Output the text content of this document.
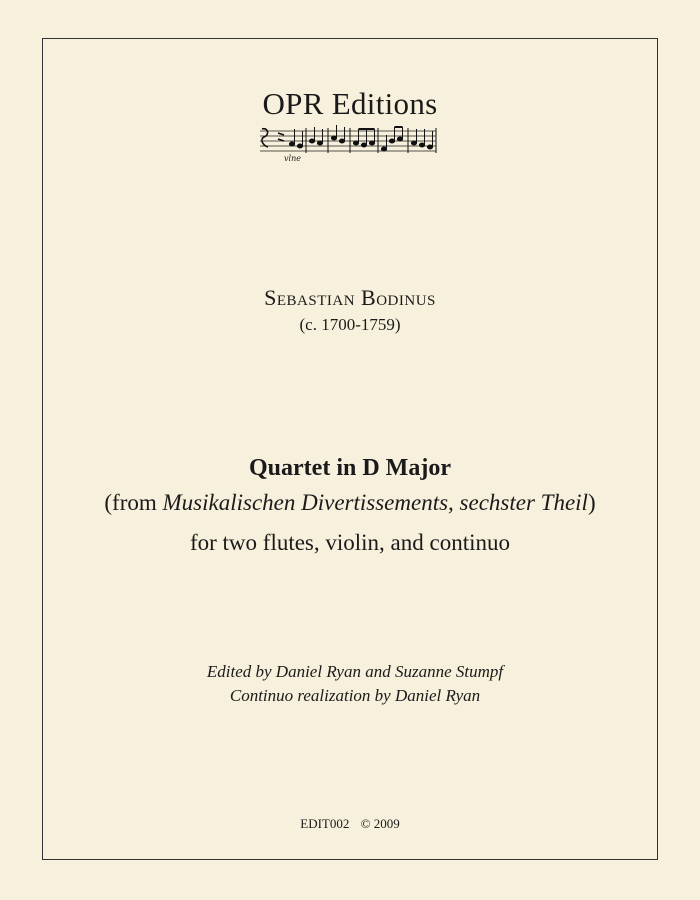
OPR Editions
vlne
Sebastian Bodinus
(c. 1700-1759)
Quartet in D Major
(from Musikalischen Divertissements, sechster Theil)
for two flutes, violin, and continuo
Edited by Daniel Ryan and Suzanne Stumpf
Continuo realization by Daniel Ryan
EDIT002 © 2009
